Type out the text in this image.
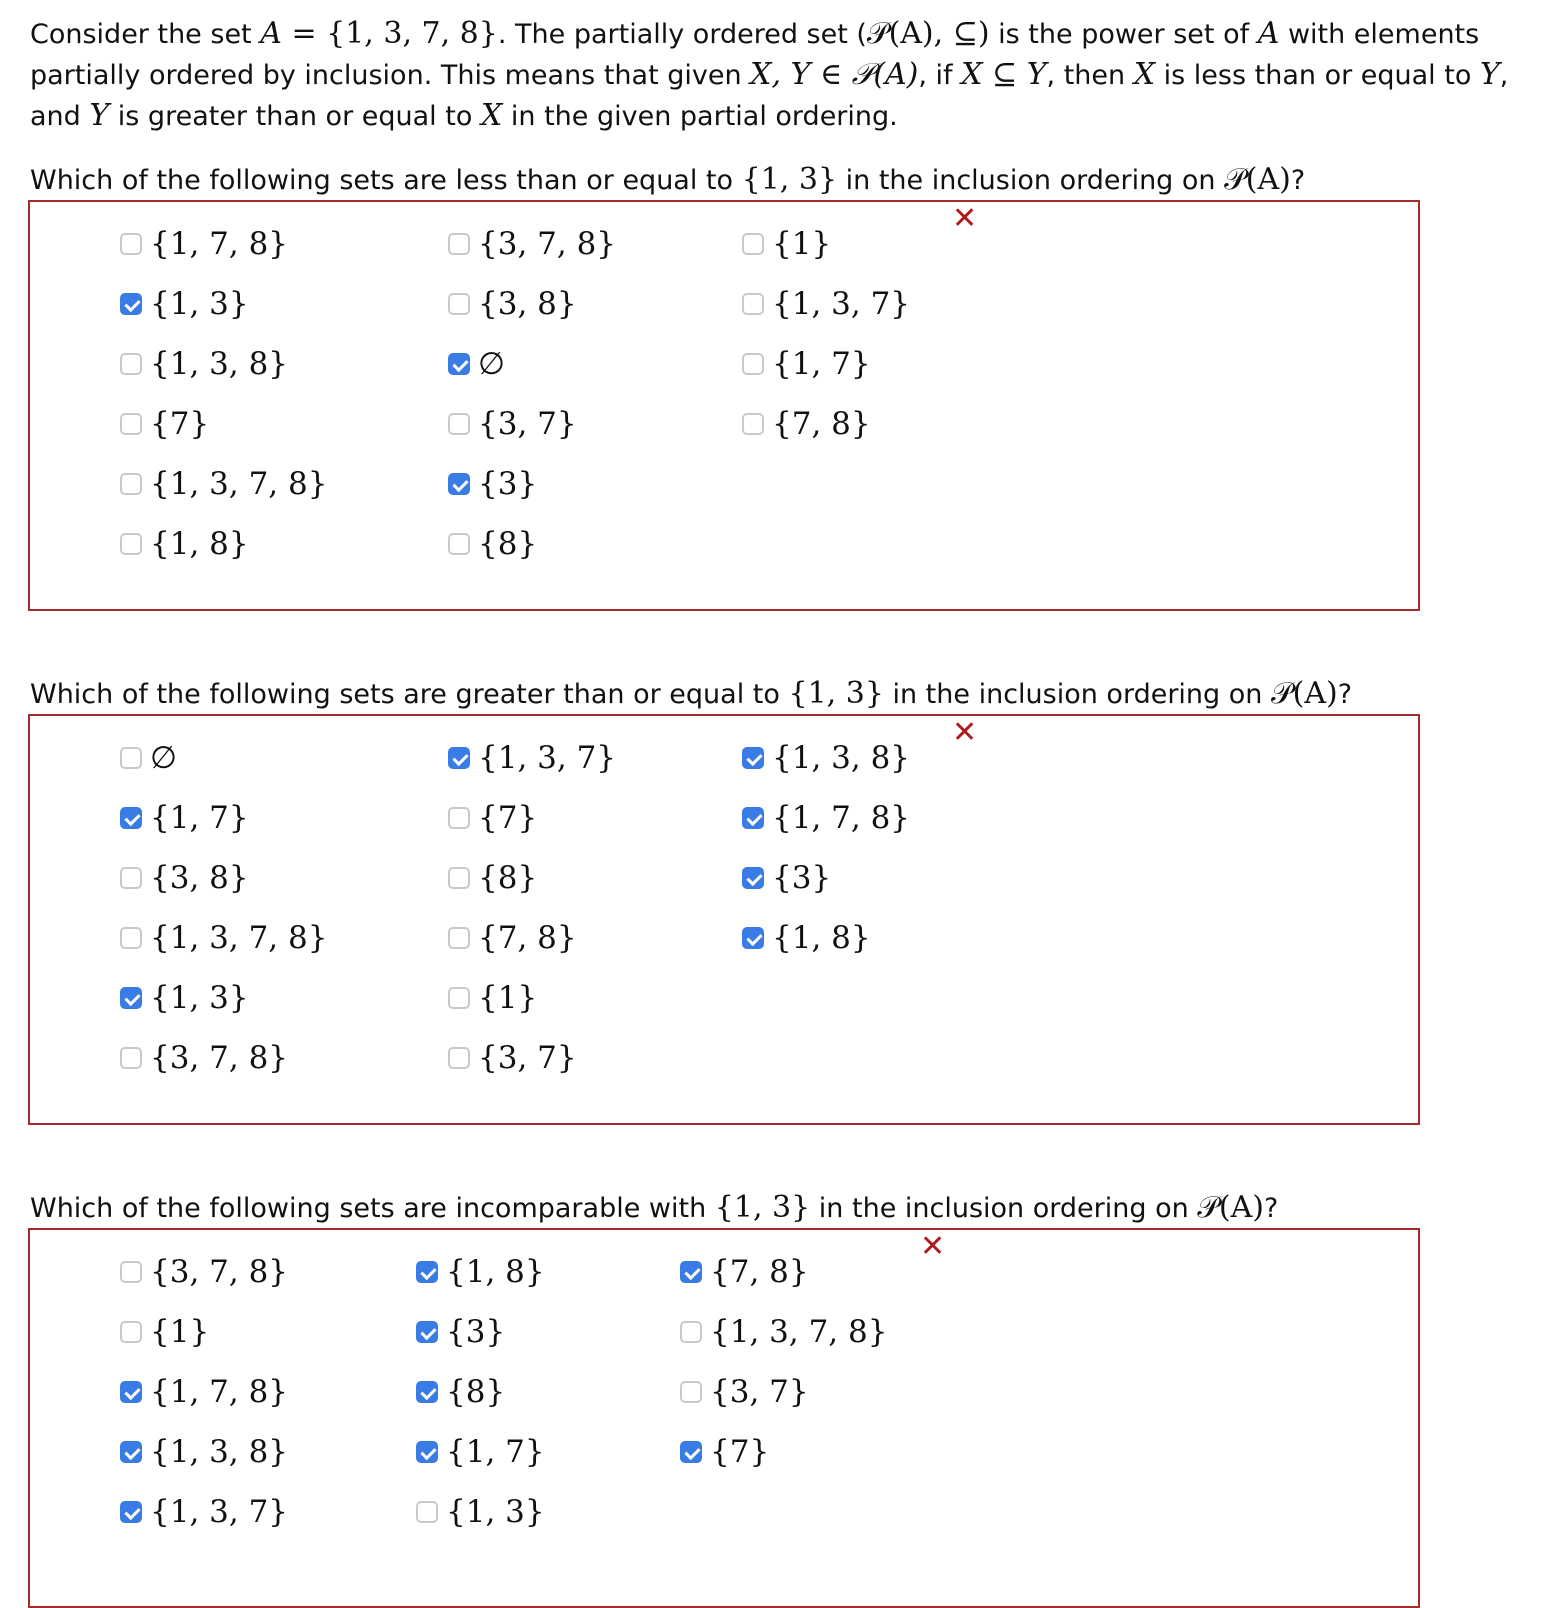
Consider the set A = {1, 3, 7, 8}. The partially ordered set (𝒫(A), ⊆) is the power set of A with elements partially ordered by inclusion. This means that given X, Y ∈ 𝒫(A), if X ⊆ Y, then X is less than or equal to Y, and Y is greater than or equal to X in the given partial ordering.
Which of the following sets are less than or equal to {1, 3} in the inclusion ordering on 𝒫(A)?
✕
{1, 7, 8}
{1, 3}
{1, 3, 8}
{7}
{1, 3, 7, 8}
{1, 8}
{3, 7, 8}
{3, 8}
∅
{3, 7}
{3}
{8}
{1}
{1, 3, 7}
{1, 7}
{7, 8}
Which of the following sets are greater than or equal to {1, 3} in the inclusion ordering on 𝒫(A)?
✕
∅
{1, 7}
{3, 8}
{1, 3, 7, 8}
{1, 3}
{3, 7, 8}
{1, 3, 7}
{7}
{8}
{7, 8}
{1}
{3, 7}
{1, 3, 8}
{1, 7, 8}
{3}
{1, 8}
Which of the following sets are incomparable with {1, 3} in the inclusion ordering on 𝒫(A)?
✕
{3, 7, 8}
{1}
{1, 7, 8}
{1, 3, 8}
{1, 3, 7}
{1, 8}
{3}
{8}
{1, 7}
{1, 3}
{7, 8}
{1, 3, 7, 8}
{3, 7}
{7}
